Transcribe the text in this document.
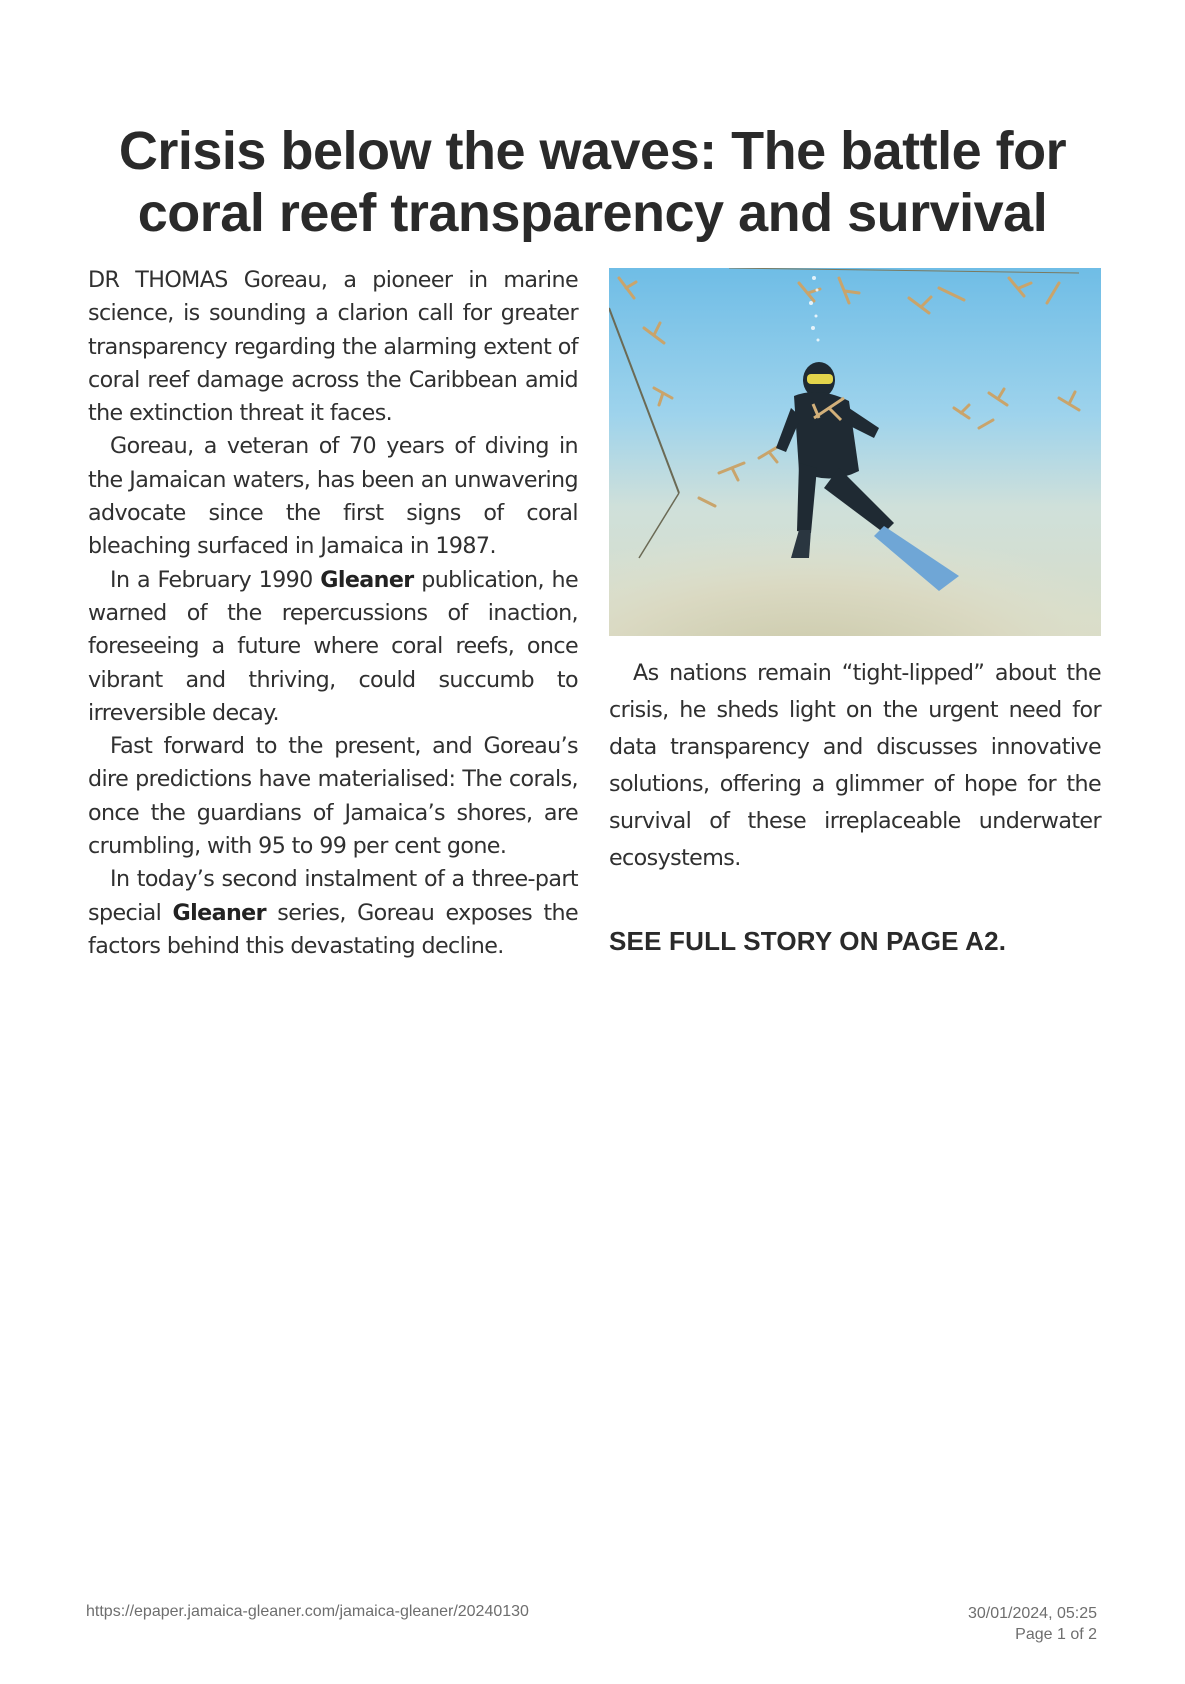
Crisis below the waves: The battle for
coral reef transparency and survival

DR THOMAS Goreau, a pioneer in marine science, is sounding a clarion call for greater transparency regarding the alarming extent of coral reef damage across the Caribbean amid the extinction threat it faces.

Goreau, a veteran of 70 years of diving in the Jamaican waters, has been an unwavering advocate since the first signs of coral bleaching surfaced in Jamaica in 1987.

In a February 1990 Gleaner publication, he warned of the repercussions of inaction, foreseeing a future where coral reefs, once vibrant and thriving, could succumb to irreversible decay.

Fast forward to the present, and Goreau’s dire predictions have materialised: The corals, once the guardians of Jamaica’s shores, are crumbling, with 95 to 99 per cent gone.

In today’s second instalment of a three-part special Gleaner series, Goreau exposes the factors behind this devastating decline.

As nations remain “tight-lipped” about the crisis, he sheds light on the urgent need for data transparency and discusses innovative solutions, offering a glimmer of hope for the survival of these irreplaceable underwater ecosystems.

SEE FULL STORY ON PAGE A2.
https://epaper.jamaica-gleaner.com/jamaica-gleaner/20240130	30/01/2024, 05:25
Page 1 of 2
